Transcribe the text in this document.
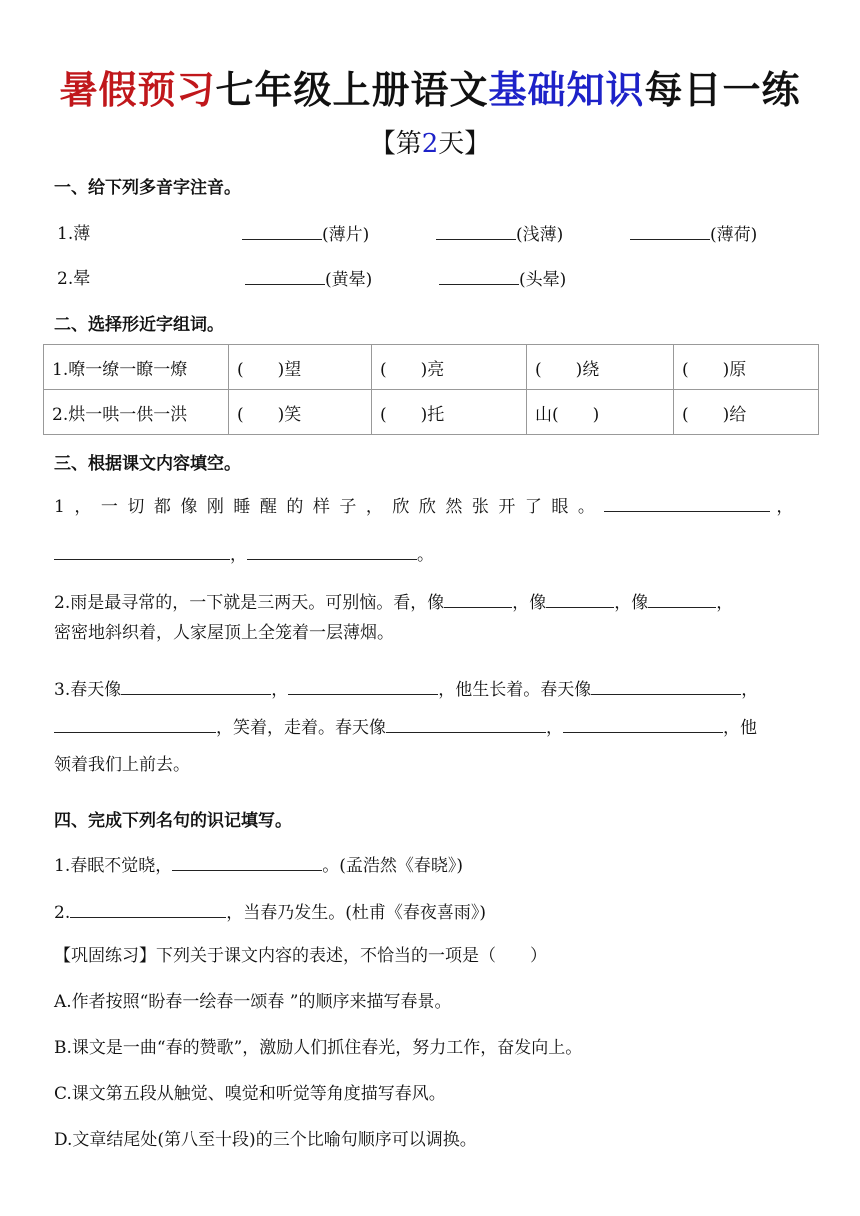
暑假预习七年级上册语文基础知识每日一练
【第2天】
一、给下列多音字注音。
1.薄	(薄片)	(浅薄)	(薄荷)
2.晕	(黄晕)	(头晕)
二、选择形近字组词。
1.嘹一缭一瞭一燎	(　　)望	(　　)亮	(　　)绕	(　　)原
2.烘一哄一供一洪	(　　)笑	(　　)托	山(　　)	(　　)给
三、根据课文内容填空。
1，一切都像刚睡醒的样子，欣欣然张开了眼。	，
，	。
2.雨是最寻常的，一下就是三两天。可别恼。看，像	，像	，像	，
密密地斜织着，人家屋顶上全笼着一层薄烟。
3.春天像	，	，他生长着。春天像	，
，笑着，走着。春天像	，	，他
领着我们上前去。
四、完成下列名句的识记填写。
1.春眠不觉晓，	。(孟浩然《春晓》)
2.	，当春乃发生。(杜甫《春夜喜雨》)
【巩固练习】下列关于课文内容的表述，不恰当的一项是（　　）
A.作者按照“盼春一绘春一颂春 ”的顺序来描写春景。
B.课文是一曲“春的赞歌”，激励人们抓住春光，努力工作，奋发向上。
C.课文第五段从触觉、嗅觉和听觉等角度描写春风。
D.文章结尾处(第八至十段)的三个比喻句顺序可以调换。
